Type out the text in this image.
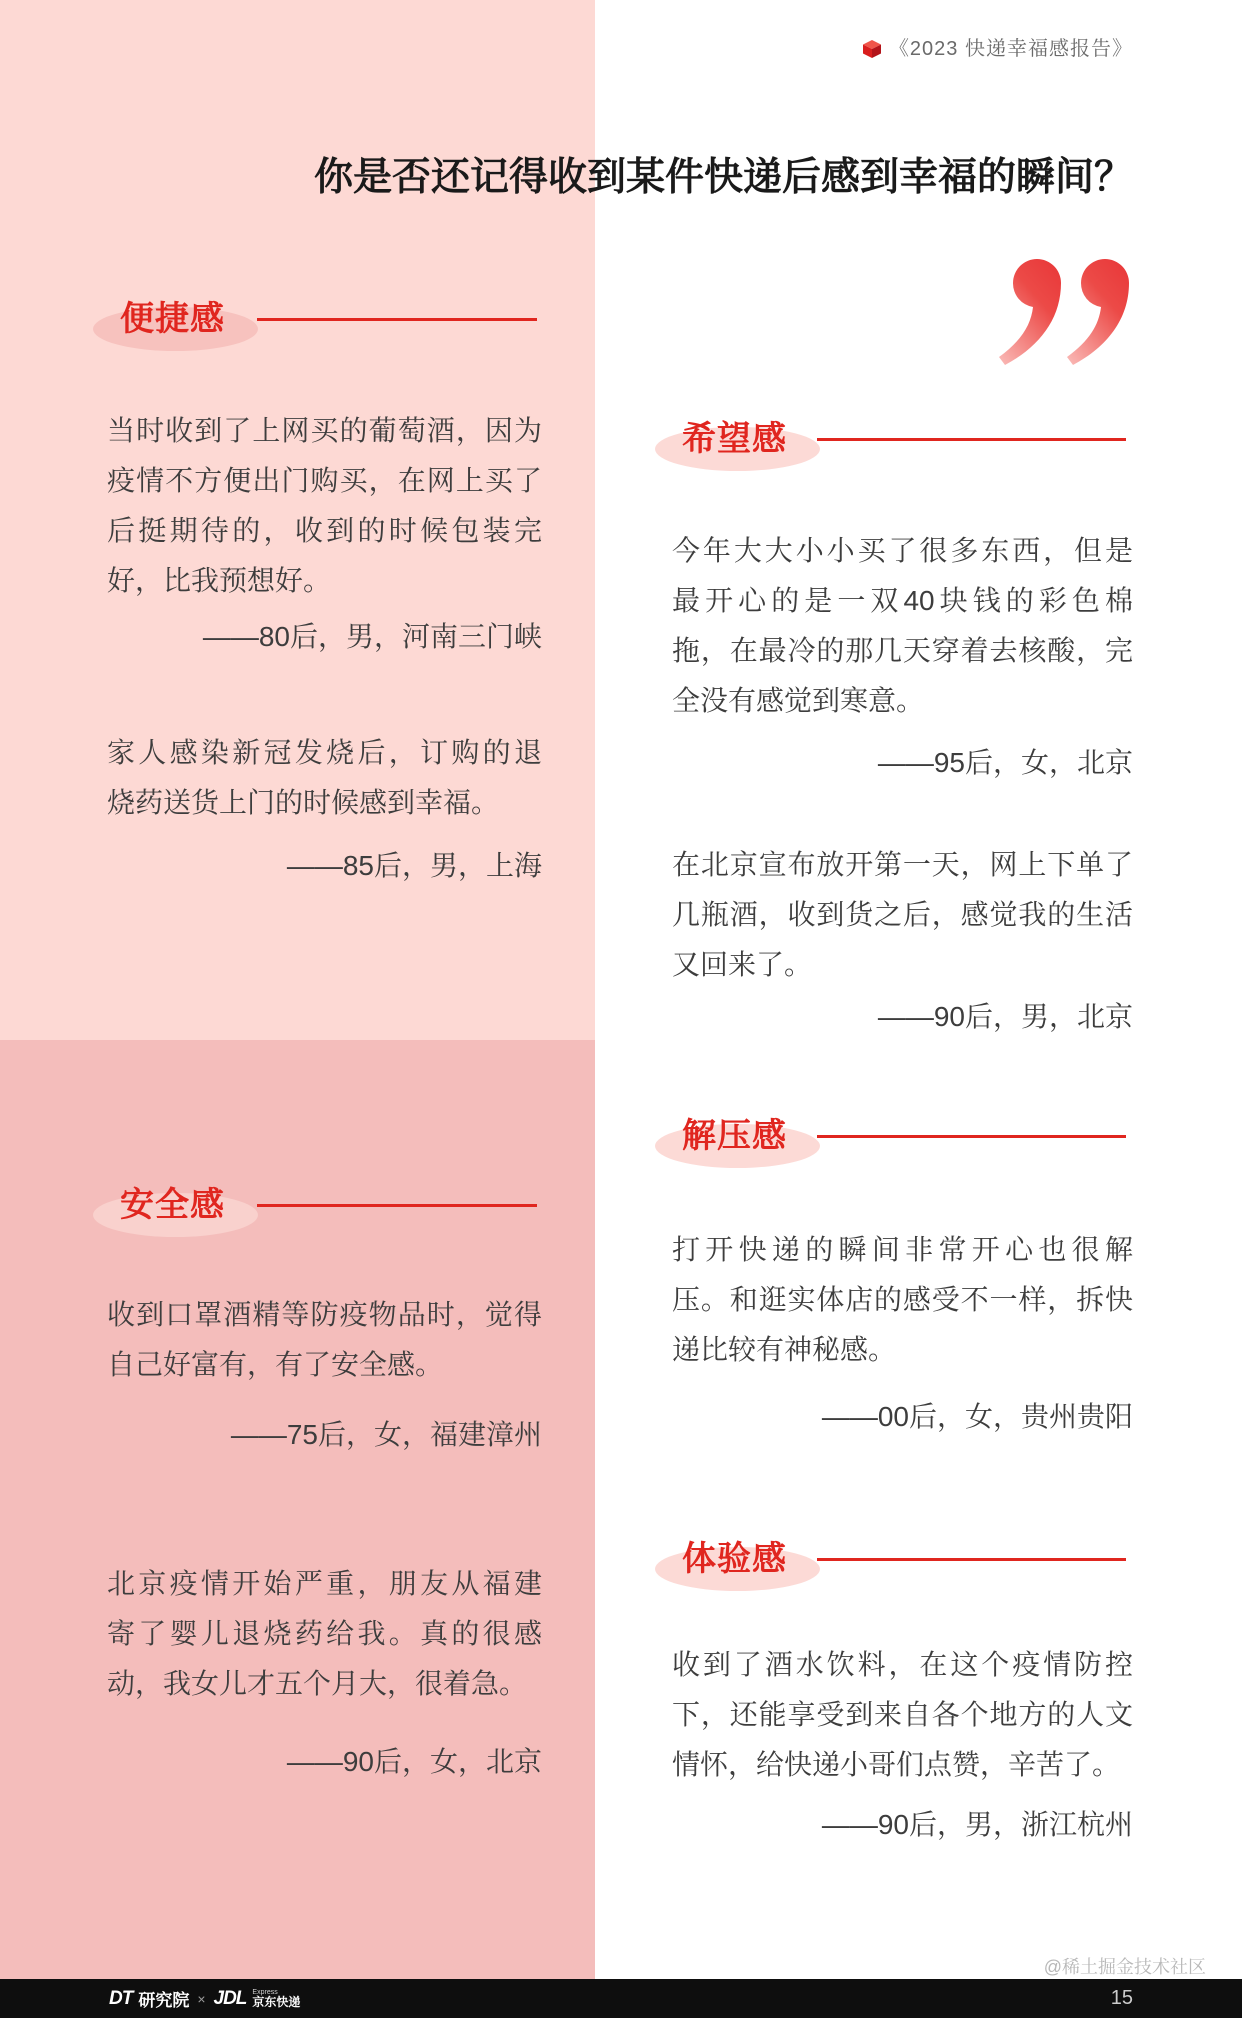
《2023 快递幸福感报告》
你是否还记得收到某件快递后感到幸福的瞬间？
便捷感
当时收到了上网买的葡萄酒，因为
疫情不方便出门购买，在网上买了
后挺期待的，收到的时候包装完
好，比我预想好。
——80后，男，河南三门峡
家人感染新冠发烧后，订购的退
烧药送货上门的时候感到幸福。
——85后，男，上海
安全感
收到口罩酒精等防疫物品时，觉得
自己好富有，有了安全感。
——75后，女，福建漳州
北京疫情开始严重，朋友从福建
寄了婴儿退烧药给我。真的很感
动，我女儿才五个月大，很着急。
——90后，女，北京
希望感
今年大大小小买了很多东西，但是
最开心的是一双40块钱的彩色棉
拖，在最冷的那几天穿着去核酸，完
全没有感觉到寒意。
——95后，女，北京
在北京宣布放开第一天，网上下单了
几瓶酒，收到货之后，感觉我的生活
又回来了。
——90后，男，北京
解压感
打开快递的瞬间非常开心也很解
压。和逛实体店的感受不一样，拆快
递比较有神秘感。
——00后，女，贵州贵阳
体验感
收到了酒水饮料，在这个疫情防控
下，还能享受到来自各个地方的人文
情怀，给快递小哥们点赞，辛苦了。
——90后，男，浙江杭州
@稀土掘金技术社区
DT 研究院 × JDL Express
京东快递	15
